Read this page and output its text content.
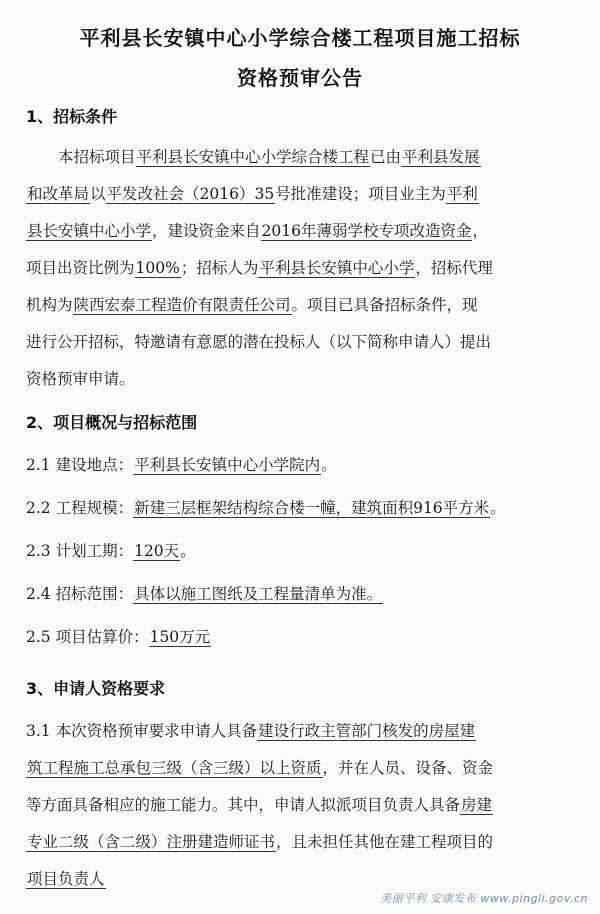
平利县长安镇中心小学综合楼工程项目施工招标
资格预审公告
1、招标条件
本招标项目平利县长安镇中心小学综合楼工程已由平利县发展
和改革局以平发改社会（2016）35号批准建设；项目业主为平利
县长安镇中心小学，建设资金来自2016年薄弱学校专项改造资金，
项目出资比例为100%；招标人为平利县长安镇中心小学，招标代理
机构为陕西宏泰工程造价有限责任公司。项目已具备招标条件，现
进行公开招标，特邀请有意愿的潜在投标人（以下简称申请人）提出
资格预审申请。
2、项目概况与招标范围
2.1 建设地点：平利县长安镇中心小学院内。
2.2 工程规模：新建三层框架结构综合楼一幢，建筑面积916平方米。
2.3 计划工期：120天。
2.4 招标范围：具体以施工图纸及工程量清单为准。
2.5 项目估算价：150万元
3、申请人资格要求
3.1 本次资格预审要求申请人具备建设行政主管部门核发的房屋建
筑工程施工总承包三级（含三级）以上资质，并在人员、设备、资金
等方面具备相应的施工能力。其中，申请人拟派项目负责人具备房建
专业二级（含二级）注册建造师证书，且未担任其他在建工程项目的
项目负责人
美丽平利 安康发布 www.pingli.gov.cn
